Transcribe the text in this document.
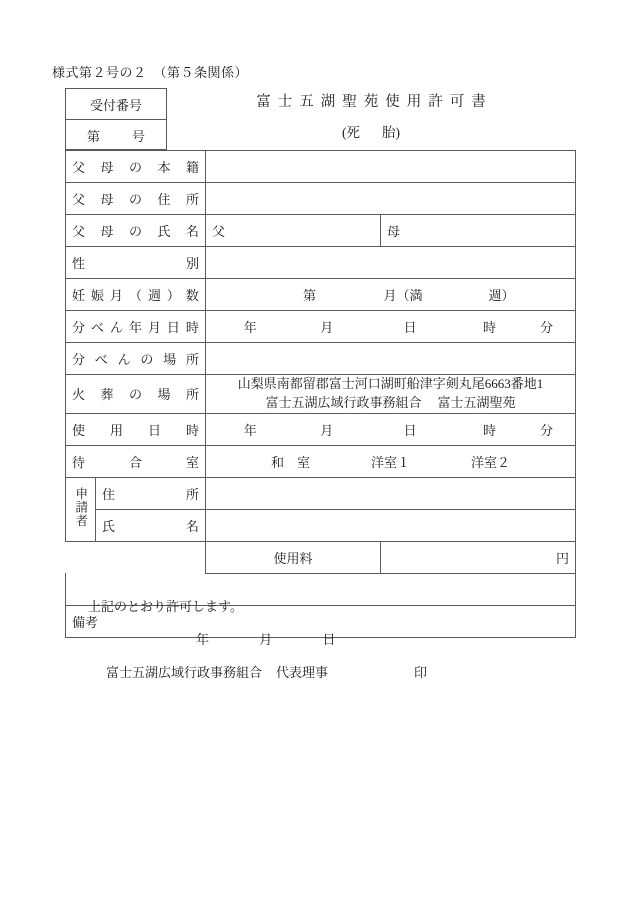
様式第２号の２　（第５条関係）
受付番号
第 号
富士五湖聖苑使用許可書
(死 胎)
父 母 の 本 籍			

父 母 の 住 所			

父 母 の 氏 名		父	母

性 別			

妊 娠 月 （ 週 ） 数	第	月（満	週）

分 べ ん 年 月 日 時	年	月	日	時	分

分 べ ん の 場 所

火 葬 の 場 所		山梨県南都留郡富士河口湖町船津字剣丸尾6663番地1
富士五湖広域行政事務組合 富士五湖聖苑	

使 用 日 時		年 月 日 時 分	

待 合 室		和　室 洋室１ 洋室２	

申請者	住 所		

	氏 名		

		使用料	円

上記のとおり許可します。
年 月 日
富士五湖広域行政事務組合 代表理事 印			

備考			
